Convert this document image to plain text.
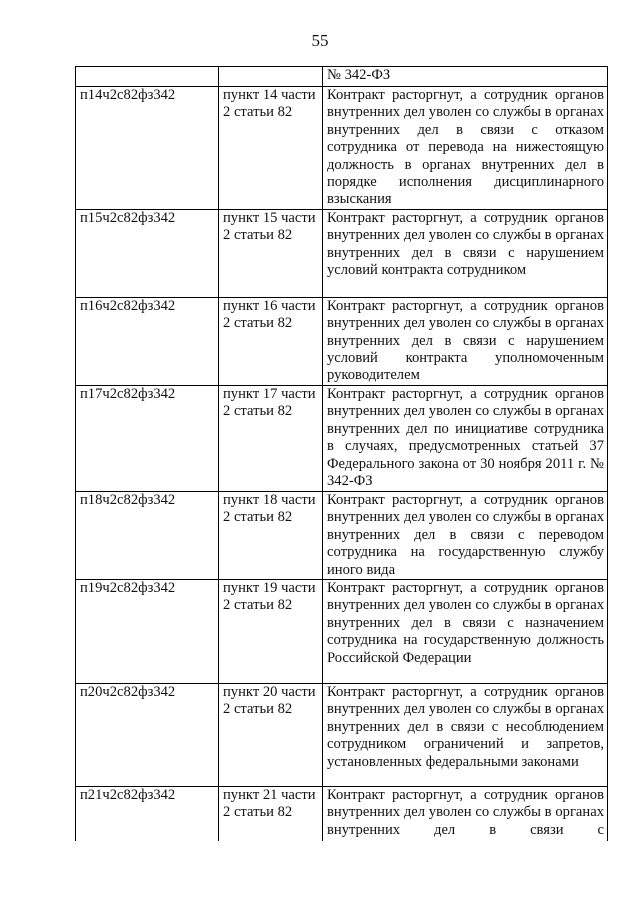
55
		№ 342-ФЗ
п14ч2с82фз342	пункт 14 части 2 статьи 82	Контракт расторгнут, а сотрудник органов внутренних дел уволен со службы в органах внутренних дел в связи с отказом сотрудника от перевода на нижестоящую должность в органах внутренних дел в порядке исполнения дисциплинарного взыскания
п15ч2с82фз342	пункт 15 части 2 статьи 82	Контракт расторгнут, а сотрудник органов внутренних дел уволен со службы в органах внутренних дел в связи с нарушением условий контракта сотрудником
п16ч2с82фз342	пункт 16 части 2 статьи 82	Контракт расторгнут, а сотрудник органов внутренних дел уволен со службы в органах внутренних дел в связи с нарушением условий контракта уполномоченным руководителем
п17ч2с82фз342	пункт 17 части 2 статьи 82	Контракт расторгнут, а сотрудник органов внутренних дел уволен со службы в органах внутренних дел по инициативе сотрудника в случаях, предусмотренных статьей 37 Федерального закона от 30 ноября 2011 г. № 342-ФЗ
п18ч2с82фз342	пункт 18 части 2 статьи 82	Контракт расторгнут, а сотрудник органов внутренних дел уволен со службы в органах внутренних дел в связи с переводом сотрудника на государственную службу иного вида
п19ч2с82фз342	пункт 19 части 2 статьи 82	Контракт расторгнут, а сотрудник органов внутренних дел уволен со службы в органах внутренних дел в связи с назначением сотрудника на государственную должность Российской Федерации
п20ч2с82фз342	пункт 20 части 2 статьи 82	Контракт расторгнут, а сотрудник органов внутренних дел уволен со службы в органах внутренних дел в связи с несоблюдением сотрудником ограничений и запретов, установленных федеральными законами
п21ч2с82фз342	пункт 21 части 2 статьи 82	Контракт расторгнут, а сотрудник органов внутренних дел уволен со службы в органах внутренних дел в связи с
